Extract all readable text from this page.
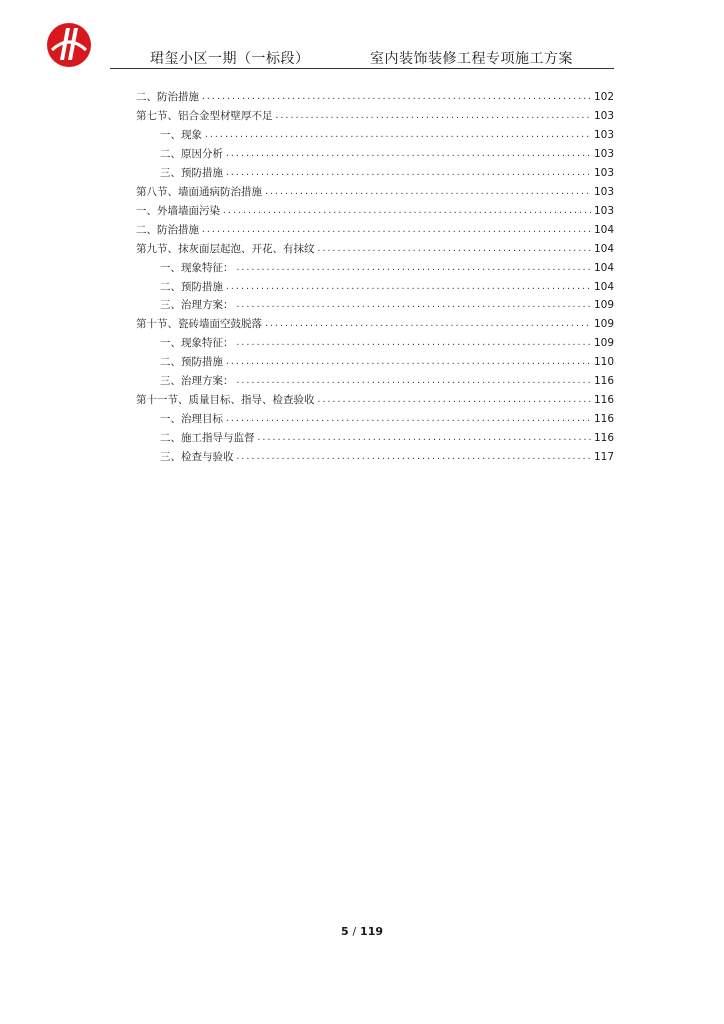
珺玺小区一期（一标段）	室内装饰装修工程专项施工方案
二、防治措施 .....	102
第七节、铝合金型材壁厚不足 .....	103
一、现象 .....	103
二、原因分析 .....	103
三、预防措施 .....	103
第八节、墙面通病防治措施 .....	103
一、外墙墙面污染 .....	103
二、防治措施 .....	104
第九节、抹灰面层起泡、开花、有抹纹 .....	104
一、现象特征： .....	104
二、预防措施 .....	104
三、治理方案： .....	109
第十节、瓷砖墙面空鼓脱落 .....	109
一、现象特征： .....	109
二、预防措施 .....	110
三、治理方案： .....	116
第十一节、质量目标、指导、检查验收 .....	116
一、治理目标 .....	116
二、施工指导与监督 .....	116
三、检查与验收 .....	117
5 / 119
